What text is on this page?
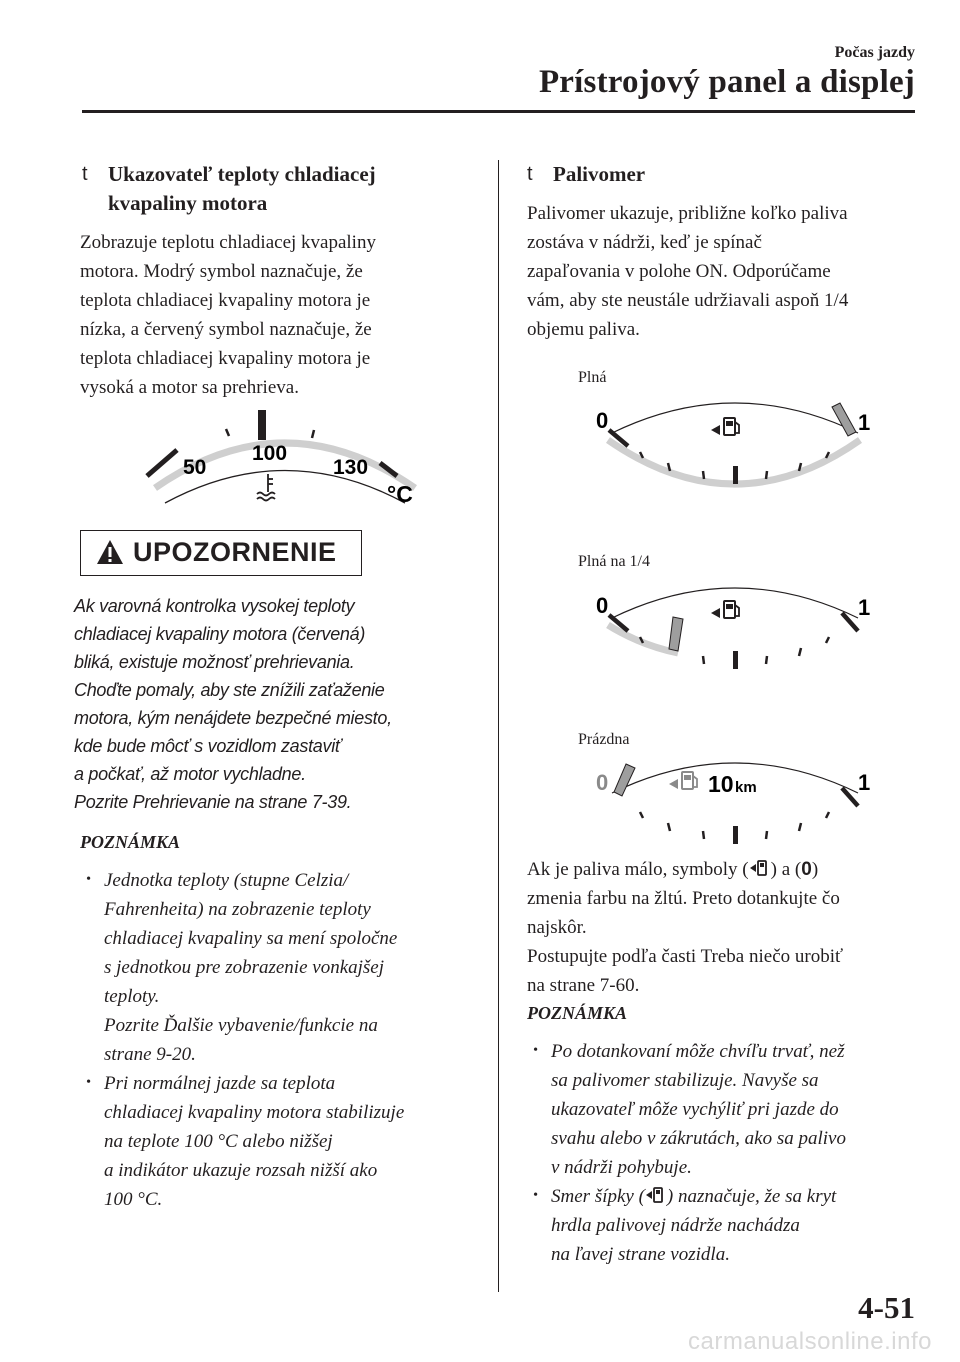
Počas jazdy
Prístrojový panel a displej
t Ukazovateľ teploty chladiacej
kvapaliny motora
Zobrazuje teplotu chladiacej kvapaliny
motora. Modrý symbol naznačuje, že
teplota chladiacej kvapaliny motora je
nízka, a červený symbol naznačuje, že
teplota chladiacej kvapaliny motora je
vysoká a motor sa prehrieva.
50
100
130
°C
UPOZORNENIE
Ak varovná kontrolka vysokej teploty
chladiacej kvapaliny motora (červená)
bliká, existuje možnosť prehrievania.
Choďte pomaly, aby ste znížili zaťaženie
motora, kým nenájdete bezpečné miesto,
kde bude môcť s vozidlom zastaviť
a počkať, až motor vychladne.
Pozrite Prehrievanie na strane 7-39.
POZNÁMKA
• Jednotka teploty (stupne Celzia/
Fahrenheita) na zobrazenie teploty
chladiacej kvapaliny sa mení spoločne
s jednotkou pre zobrazenie vonkajšej
teploty.
Pozrite Ďalšie vybavenie/funkcie na
strane 9-20.
• Pri normálnej jazde sa teplota
chladiacej kvapaliny motora stabilizuje
na teplote 100 °C alebo nižšej
a indikátor ukazuje rozsah nižší ako
100 °C.
t Palivomer
Palivomer ukazuje, približne koľko paliva
zostáva v nádrži, keď je spínač
zapaľovania v polohe ON. Odporúčame
vám, aby ste neustále udržiavali aspoň 1/4
objemu paliva.
Plná
0	1
Plná na 1/4
0	1
Prázdna
0	1
10 km
Ak je paliva málo, symboly ( ) a (0)
zmenia farbu na žltú. Preto dotankujte čo
najskôr.
Postupujte podľa časti Treba niečo urobiť
na strane 7-60.
POZNÁMKA
• Po dotankovaní môže chvíľu trvať, než
sa palivomer stabilizuje. Navyše sa
ukazovateľ môže vychýliť pri jazde do
svahu alebo v zákrutách, ako sa palivo
v nádrži pohybuje.
• Smer šípky ( ) naznačuje, že sa kryt
hrdla palivovej nádrže nachádza
na ľavej strane vozidla.
4-51
carmanualsonline.info
